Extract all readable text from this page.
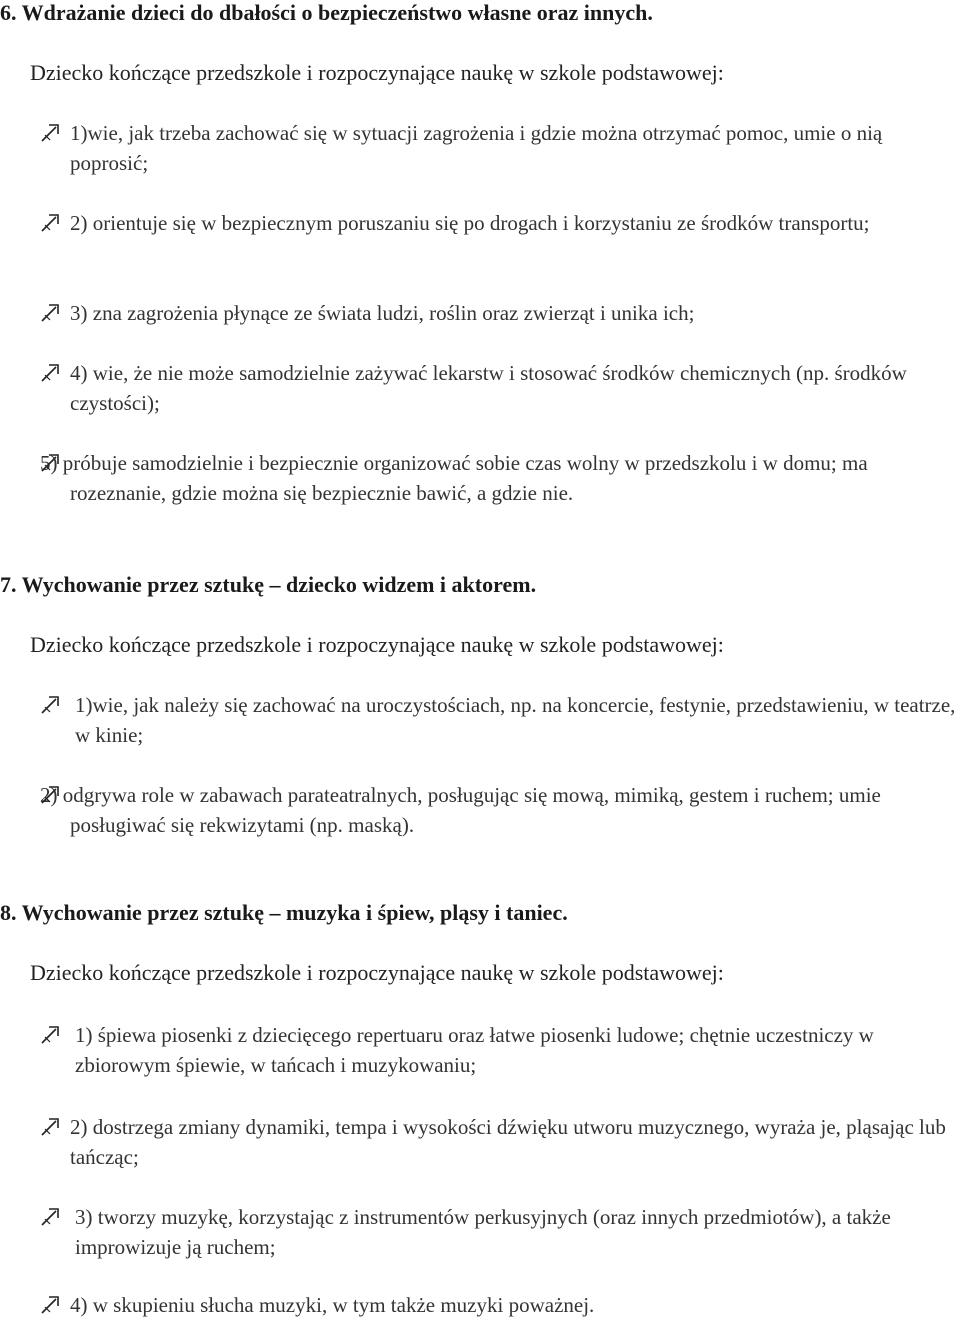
6. Wdrażanie dzieci do dbałości o bezpieczeństwo własne oraz innych.

Dziecko kończące przedszkole i rozpoczynające naukę w szkole podstawowej:

1)wie, jak trzeba zachować się w sytuacji zagrożenia i gdzie można otrzymać pomoc, umie o nią poprosić;
2) orientuje się w bezpiecznym poruszaniu się po drogach i korzystaniu ze środków transportu;
3) zna zagrożenia płynące ze świata ludzi, roślin oraz zwierząt i unika ich;
4) wie, że nie może samodzielnie zażywać lekarstw i stosować środków chemicznych (np. środków czystości);
5) próbuje samodzielnie i bezpiecznie organizować sobie czas wolny w przedszkolu i w domu; ma rozeznanie, gdzie można się bezpiecznie bawić, a gdzie nie.

7. Wychowanie przez sztukę – dziecko widzem i aktorem.

Dziecko kończące przedszkole i rozpoczynające naukę w szkole podstawowej:

1)wie, jak należy się zachować na uroczystościach, np. na koncercie, festynie, przedstawieniu, w teatrze, w kinie;
2) odgrywa role w zabawach parateatralnych, posługując się mową, mimiką, gestem i ruchem; umie posługiwać się rekwizytami (np. maską).

8. Wychowanie przez sztukę – muzyka i śpiew, pląsy i taniec.

Dziecko kończące przedszkole i rozpoczynające naukę w szkole podstawowej:

1) śpiewa piosenki z dziecięcego repertuaru oraz łatwe piosenki ludowe; chętnie uczestniczy w zbiorowym śpiewie, w tańcach i muzykowaniu;
2) dostrzega zmiany dynamiki, tempa i wysokości dźwięku utworu muzycznego, wyraża je, pląsając lub tańcząc;
3) tworzy muzykę, korzystając z instrumentów perkusyjnych (oraz innych przedmiotów), a także improwizuje ją ruchem;
4) w skupieniu słucha muzyki, w tym także muzyki poważnej.
